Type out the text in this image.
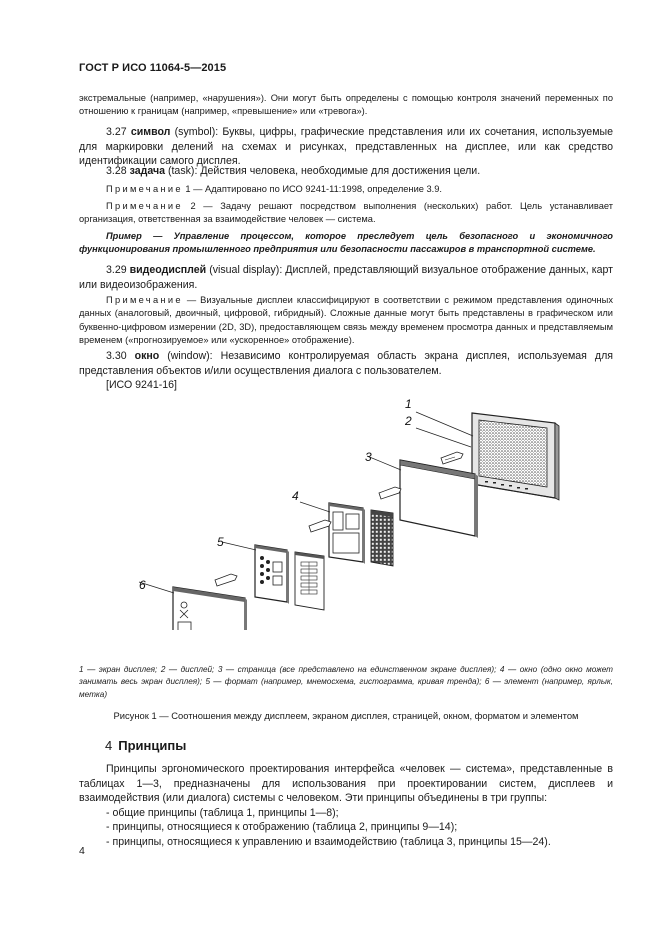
ГОСТ Р ИСО 11064-5—2015

экстремальные (например, «нарушения»). Они могут быть определены с помощью контроля значений переменных по отношению к границам (например, «превышение» или «тревога»).

3.27 символ (symbol): Буквы, цифры, графические представления или их сочетания, используемые для маркировки делений на схемах и рисунках, представленных на дисплее, или как средство идентификации самого дисплея.

3.28 задача (task): Действия человека, необходимые для достижения цели.

Примечание 1 — Адаптировано по ИСО 9241-11:1998, определение 3.9.

Примечание 2 — Задачу решают посредством выполнения (нескольких) работ. Цель устанавливает организация, ответственная за взаимодействие человек — система.

Пример — Управление процессом, которое преследует цель безопасного и экономичного функционирования промышленного предприятия или безопасности пассажиров в транспортной системе.

3.29 видеодисплей (visual display): Дисплей, представляющий визуальное отображение данных, карт или видеоизображения.

Примечание — Визуальные дисплеи классифицируют в соответствии с режимом представления одиночных данных (аналоговый, двоичный, цифровой, гибридный). Сложные данные могут быть представлены в графическом или буквенно-цифровом измерении (2D, 3D), предоставляющем связь между временем просмотра данных и представляемым временем («прогнозируемое» или «ускоренное» отображение).

3.30 окно (window): Независимо контролируемая область экрана дисплея, используемая для представления объектов и/или осуществления диалога с пользователем.

[ИСО 9241-16]

1
2
3
4
5
6

1 — экран дисплея; 2 — дисплей; 3 — страница (все представлено на единственном экране дисплея); 4 — окно (одно окно может занимать весь экран дисплея); 5 — формат (например, мнемосхема, гистограмма, кривая тренда); 6 — элемент (например, ярлык, метка)

Рисунок 1 — Соотношения между дисплеем, экраном дисплея, страницей, окном, форматом и элементом

4 Принципы
Принципы эргономического проектирования интерфейса «человек — система», представленные в таблицах 1—3, предназначены для использования при проектировании систем, дисплеев и взаимодействия (или диалога) системы с человеком. Эти принципы объединены в три группы:
- общие принципы (таблица 1, принципы 1—8);
- принципы, относящиеся к отображению (таблица 2, принципы 9—14);
- принципы, относящиеся к управлению и взаимодействию (таблица 3, принципы 15—24).
4
